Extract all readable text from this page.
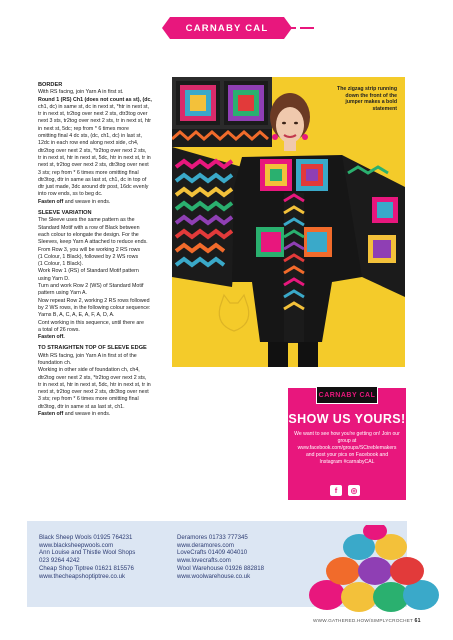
CARNABY CAL
BORDER

With RS facing, join Yarn A in first st.
Round 1 (RS) Ch1 (does not count as st), (dc,
ch1, dc) in same st, dc in next st, *htr in next st,
tr in next st, tr2tog over next 2 sts, dtr3tog over
next 3 sts, tr2tog over next 2 sts, tr in next st, htr
in next st, 5dc; rep from * 6 times more
omitting final 4 dc sts, (dc, ch1, dc) in last st,
12dc in each row end along next side, ch4,
dtr2tog over next 2 sts, *tr2tog over next 2 sts,
tr in next st, htr in next st, 5dc, htr in next st, tr in
next st, tr2tog over next 2 sts, dtr3tog over next
3 sts; rep from * 6 times more omitting final
dtr3tog, dtr in same as last st, ch1, dc in top of
dtr just made, 3dc around dtr post, 16dc evenly
into row ends, ss to beg dc.
Fasten off and weave in ends.

SLEEVE VARIATION

The Sleeve uses the same pattern as the
Standard Motif with a row of Black between
each colour to elongate the design. For the
Sleeves, keep Yarn A attached to reduce ends.
From Row 3, you will be working 2 RS rows
(1 Colour, 1 Black), followed by 2 WS rows
(1 Colour, 1 Black).
Work Row 1 (RS) of Standard Motif pattern
using Yarn D.
Turn and work Row 2 (WS) of Standard Motif
pattern using Yarn A.
Now repeat Row 2, working 2 RS rows followed
by 2 WS rows, in the following colour sequence:
Yarns B, A, C, A, E, A, F, A, D, A.
Cont working in this sequence, until there are
a total of 26 rows.
Fasten off.

TO STRAIGHTEN TOP OF SLEEVE EDGE

With RS facing, join Yarn A in first st of the
foundation ch.
Working in other side of foundation ch, ch4,
dtr2tog over next 2 sts, *tr2tog over next 2 sts,
tr in next st, htr in next st, 5dc, htr in next st, tr in
next st, tr2tog over next 2 sts, dtr3tog over next
3 sts; rep from * 6 times more omitting final
dtr3tog, dtr in same st as last st, ch1.
Fasten off and weave in ends.

The zigzag strip running down the front of the jumper makes a bold statement
CARNABY CAL
SHOW US YOURS!
We want to see how you're getting on! Join our group at www.facebook.com/groups/SCtreblemakers and post your pics on Facebook and Instagram #carnabyCAL
f	◎
Black Sheep Wools 01925 764231
www.blacksheepwools.com
Ann Louise and Thistle Wool Shops
023 9264 4242
Cheap Shop Tiptree 01621 815576
www.thecheapshoptiptree.co.uk
Deramores 01733 777345
www.deramores.com
LoveCrafts 01409 404010
www.lovecrafts.com
Wool Warehouse 01926 882818
www.woolwarehouse.co.uk
WWW.GATHERED.HOW/SIMPLYCROCHET 61
